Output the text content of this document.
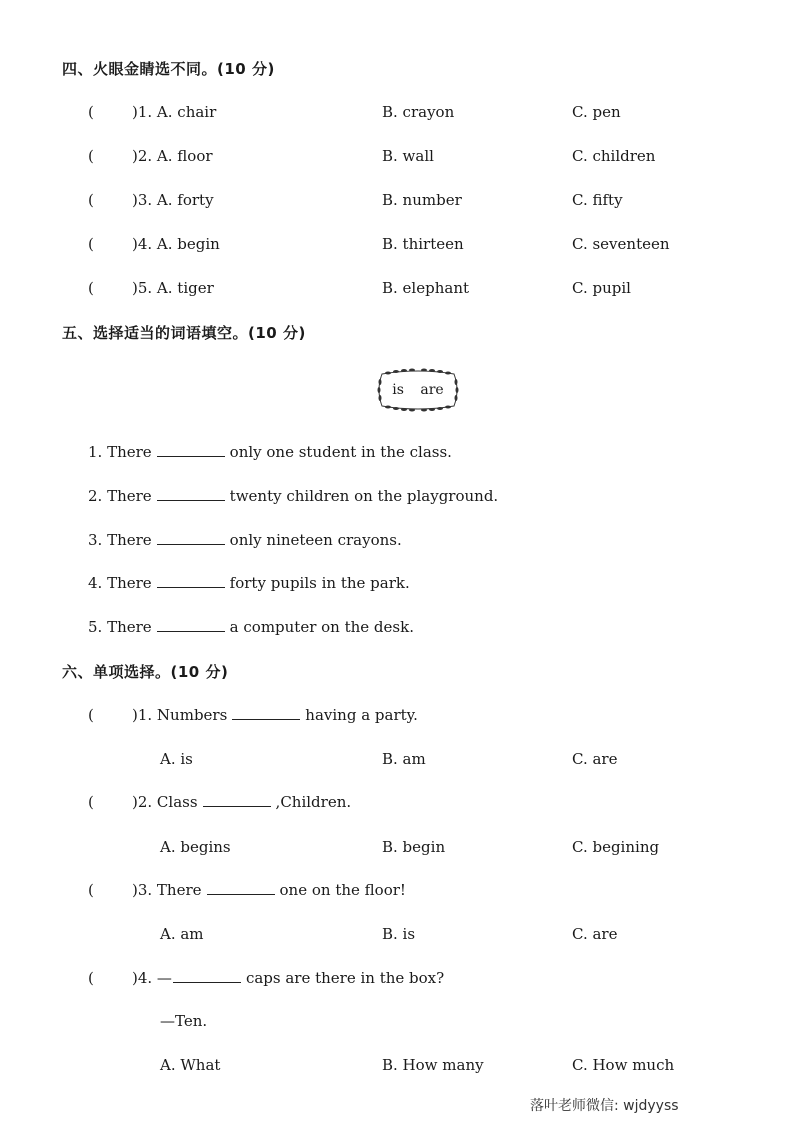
四、火眼金睛选不同。(10 分)
(	)1. A. chair	B. crayon	C. pen
(	)2. A. floor	B. wall	C. children
(	)3. A. forty	B. number	C. fifty
(	)4. A. begin	B. thirteen	C. seventeen
(	)5. A. tiger	B. elephant	C. pupil
五、选择适当的词语填空。(10 分)
is are
1. There	only one student in the class.
2. There	twenty children on the playground.
3. There	only nineteen crayons.
4. There	forty pupils in the park.
5. There	a computer on the desk.
六、单项选择。(10 分)
(	)1. Numbers	having a party.
A. is	B. am	C. are
(	)2. Class	,Children.
A. begins	B. begin	C. begining
(	)3. There	one on the floor!
A. am	B. is	C. are
(	)4. —	caps are there in the box?
—Ten.
A. What	B. How many	C. How much
落叶老师微信: wjdyyss
